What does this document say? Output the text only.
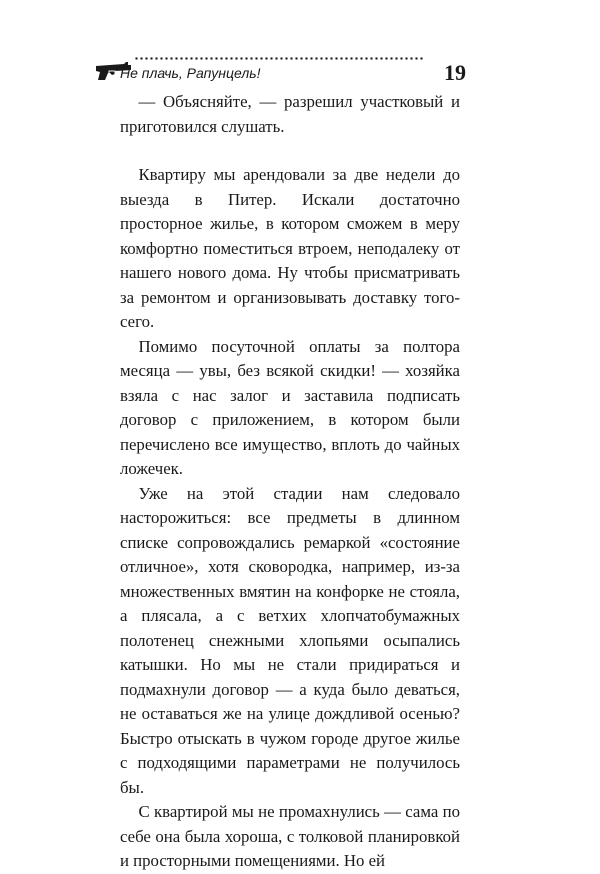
Не плачь, Рапунцель!	19

— Объясняйте, — разрешил участковый и приготовился слушать.

Квартиру мы арендовали за две недели до выезда в Питер. Искали достаточно просторное жилье, в котором сможем в меру комфортно поместиться втроем, неподалеку от нашего нового дома. Ну чтобы присматривать за ремонтом и организовывать доставку того-сего.

Помимо посуточной оплаты за полтора месяца — увы, без всякой скидки! — хозяйка взяла с нас залог и заставила подписать договор с приложением, в котором были перечислено все имущество, вплоть до чайных ложечек.

Уже на этой стадии нам следовало насторожиться: все предметы в длинном списке сопровождались ремаркой «состояние отличное», хотя сковородка, например, из-за множественных вмятин на конфорке не стояла, а плясала, а с ветхих хлопчатобумажных полотенец снежными хлопьями осыпались катышки. Но мы не стали придираться и подмахнули договор — а куда было деваться, не оставаться же на улице дождливой осенью? Быстро отыскать в чужом городе другое жилье с подходящими параметрами не получилось бы.

С квартирой мы не промахнулись — сама по себе она была хороша, с толковой планировкой и просторными помещениями. Но ей
